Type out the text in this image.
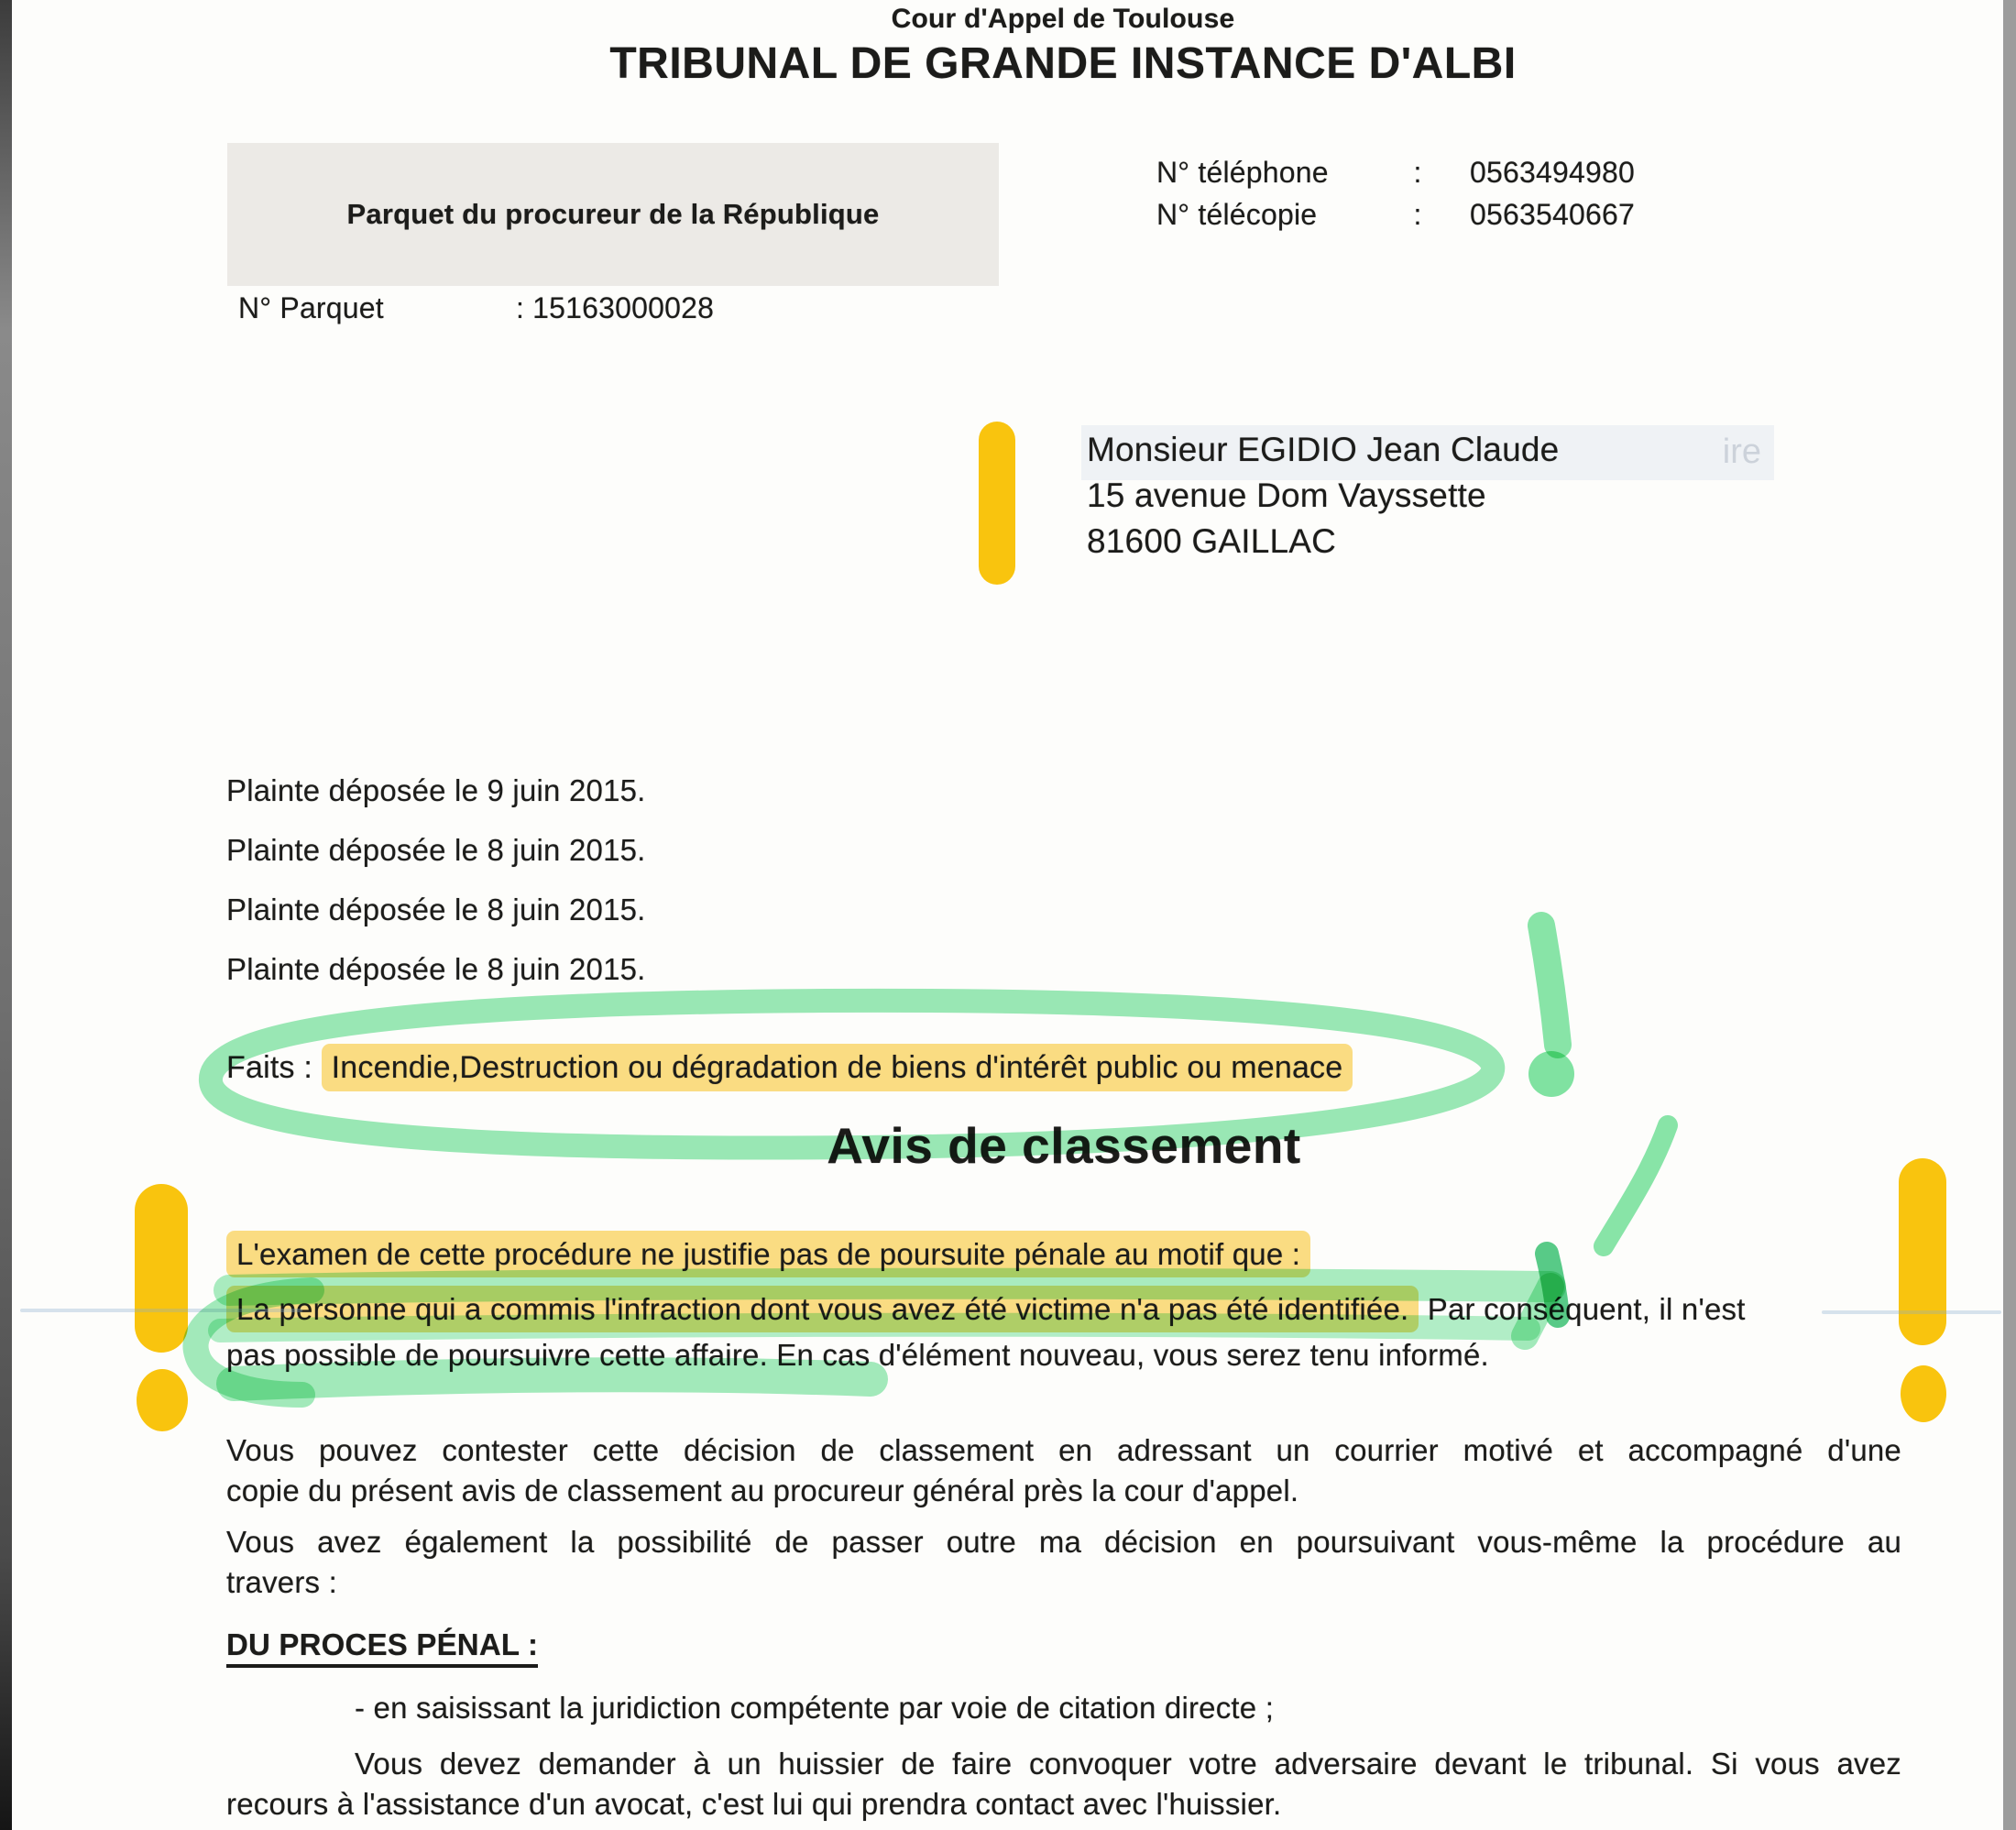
Cour d'Appel de Toulouse
TRIBUNAL DE GRANDE INSTANCE D'ALBI
Parquet du procureur de la République
N° téléphone	:	0563494980
N° télécopie	:	0563540667
N° Parquet	: 15163000028
ire
Monsieur EGIDIO Jean Claude
15 avenue Dom Vayssette
81600 GAILLAC
Plainte déposée le 9 juin 2015.
Plainte déposée le 8 juin 2015.
Plainte déposée le 8 juin 2015.
Plainte déposée le 8 juin 2015.
Faits : Incendie,Destruction ou dégradation de biens d'intérêt public ou menace
Avis de classement
L'examen de cette procédure ne justifie pas de poursuite pénale au motif que :
La personne qui a commis l'infraction dont vous avez été victime n'a pas été identifiée. Par conséquent, il n'est
pas possible de poursuivre cette affaire. En cas d'élément nouveau, vous serez tenu informé.
Vous pouvez contester cette décision de classement en adressant un courrier motivé et accompagné d'une
copie du présent avis de classement au procureur général près la cour d'appel.
Vous avez également la possibilité de passer outre ma décision en poursuivant vous-même la procédure au
travers :
DU PROCES PÉNAL :
- en saisissant la juridiction compétente par voie de citation directe ;
Vous devez demander à un huissier de faire convoquer votre adversaire devant le tribunal. Si vous avez
recours à l'assistance d'un avocat, c'est lui qui prendra contact avec l'huissier.
